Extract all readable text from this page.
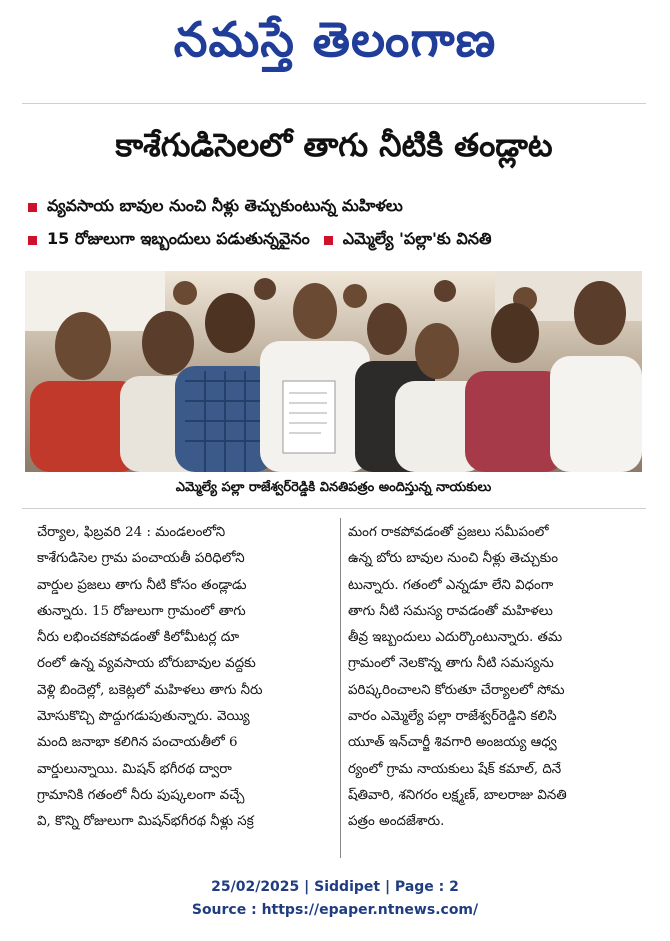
నమస్తే తెలంగాణ
కాశేగుడిసెలలో తాగు నీటికి తండ్లాట
వ్యవసాయ బావుల నుంచి నీళ్లు తెచ్చుకుంటున్న మహిళలు
15 రోజులుగా ఇబ్బందులు పడుతున్నవైనం ఎమ్మెల్యే 'పల్లా'కు వినతి
ఎమ్మెల్యే పల్లా రాజేశ్వర్‌రెడ్డికి వినతిపత్రం అందిస్తున్న నాయకులు
చేర్యాల, ఫిబ్రవరి 24 : మండలంలోని
కాశేగుడిసెల గ్రామ పంచాయతీ పరిధిలోని
వార్డుల ప్రజలు తాగు నీటి కోసం తండ్లాడు
తున్నారు. 15 రోజులుగా గ్రామంలో తాగు
నీరు లభించకపోవడంతో కిలోమీటర్ల దూ
రంలో ఉన్న వ్యవసాయ బోరుబావుల వద్దకు
వెళ్లి బిందెల్లో, బకెట్లలో మహిళలు తాగు నీరు
మోసుకొచ్చి పొద్దుగడుపుతున్నారు. వెయ్యి
మంది జనాభా కలిగిన పంచాయతీలో 6
వార్డులున్నాయి. మిషన్ భగీరథ ద్వారా
గ్రామానికి గతంలో నీరు పుష్కలంగా వచ్చే
వి, కొన్ని రోజులుగా మిషన్‌భగీరథ నీళ్లు సక్ర
మంగ రాకపోవడంతో ప్రజలు సమీపంలో
ఉన్న బోరు బావుల నుంచి నీళ్లు తెచ్చుకుం
టున్నారు. గతంలో ఎన్నడూ లేని విధంగా
తాగు నీటి సమస్య రావడంతో మహిళలు
తీవ్ర ఇబ్బందులు ఎదుర్కొంటున్నారు. తమ
గ్రామంలో నెలకొన్న తాగు నీటి సమస్యను
పరిష్కరించాలని కోరుతూ చేర్యాలలో సోమ
వారం ఎమ్మెల్యే పల్లా రాజేశ్వర్‌రెడ్డిని కలిసి
యూత్ ఇన్‌చార్జీ శివగారి అంజయ్య ఆధ్వ
ర్యంలో గ్రామ నాయకులు షేక్ కమాల్, దినే
ష్‌తివారి, శనిగరం లక్ష్మణ్, బాలరాజు వినతి
పత్రం అందజేశారు.
25/02/2025 | Siddipet | Page : 2
Source : https://epaper.ntnews.com/
